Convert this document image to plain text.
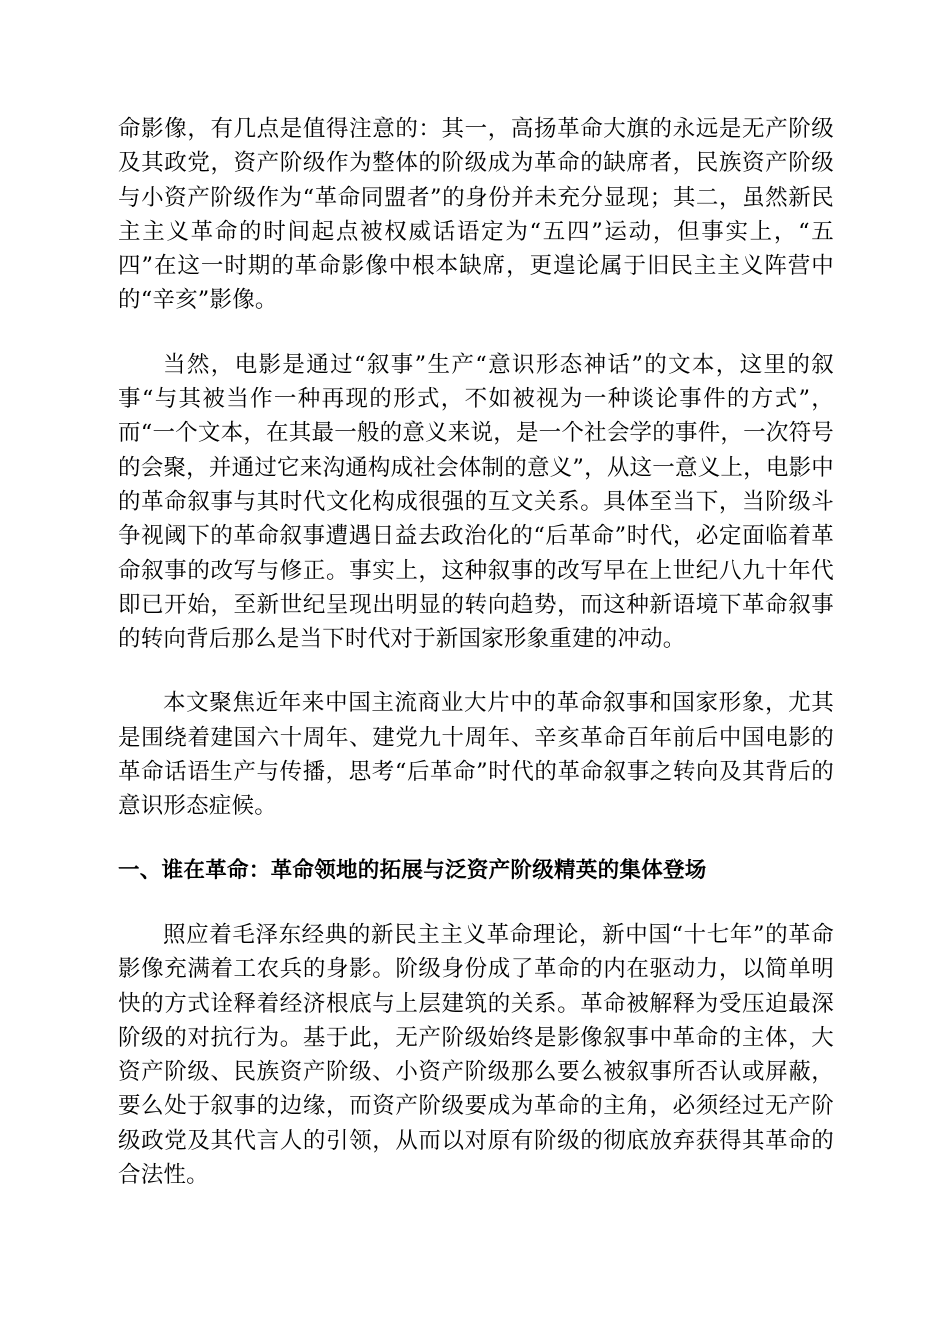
命影像，有几点是值得注意的：其一，高扬革命大旗的永远是无产阶级及其政党，资产阶级作为整体的阶级成为革命的缺席者，民族资产阶级与小资产阶级作为“革命同盟者”的身份并未充分显现；其二，虽然新民主主义革命的时间起点被权威话语定为“五四”运动，但事实上，“五四”在这一时期的革命影像中根本缺席，更遑论属于旧民主主义阵营中的“辛亥”影像。

当然，电影是通过“叙事”生产“意识形态神话”的文本，这里的叙事“与其被当作一种再现的形式，不如被视为一种谈论事件的方式”，而“一个文本，在其最一般的意义来说，是一个社会学的事件，一次符号的会聚，并通过它来沟通构成社会体制的意义”，从这一意义上，电影中的革命叙事与其时代文化构成很强的互文关系。具体至当下，当阶级斗争视阈下的革命叙事遭遇日益去政治化的“后革命”时代，必定面临着革命叙事的改写与修正。事实上，这种叙事的改写早在上世纪八九十年代即已开始，至新世纪呈现出明显的转向趋势，而这种新语境下革命叙事的转向背后那么是当下时代对于新国家形象重建的冲动。

本文聚焦近年来中国主流商业大片中的革命叙事和国家形象，尤其是围绕着建国六十周年、建党九十周年、辛亥革命百年前后中国电影的革命话语生产与传播，思考“后革命”时代的革命叙事之转向及其背后的意识形态症候。

一、谁在革命：革命领地的拓展与泛资产阶级精英的集体登场

照应着毛泽东经典的新民主主义革命理论，新中国“十七年”的革命影像充满着工农兵的身影。阶级身份成了革命的内在驱动力，以简单明快的方式诠释着经济根底与上层建筑的关系。革命被解释为受压迫最深阶级的对抗行为。基于此，无产阶级始终是影像叙事中革命的主体，大资产阶级、民族资产阶级、小资产阶级那么要么被叙事所否认或屏蔽，要么处于叙事的边缘，而资产阶级要成为革命的主角，必须经过无产阶级政党及其代言人的引领，从而以对原有阶级的彻底放弃获得其革命的合法性。
